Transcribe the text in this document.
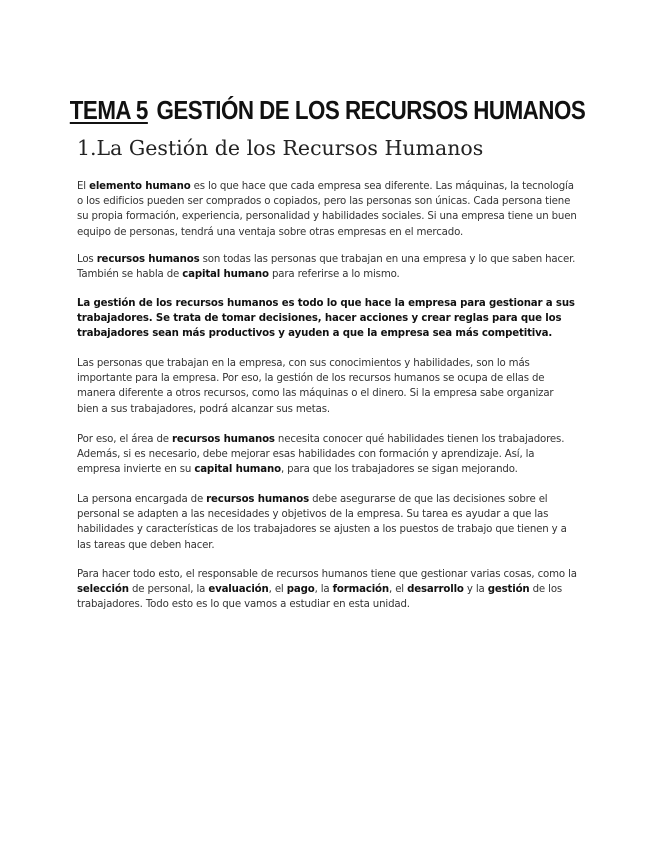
TEMA 5 GESTIÓN DE LOS RECURSOS HUMANOS
1.La Gestión de los Recursos Humanos

El elemento humano es lo que hace que cada empresa sea diferente. Las máquinas, la tecnología o los edificios pueden ser comprados o copiados, pero las personas son únicas. Cada persona tiene su propia formación, experiencia, personalidad y habilidades sociales. Si una empresa tiene un buen equipo de personas, tendrá una ventaja sobre otras empresas en el mercado.

Los recursos humanos son todas las personas que trabajan en una empresa y lo que saben hacer. También se habla de capital humano para referirse a lo mismo.

La gestión de los recursos humanos es todo lo que hace la empresa para gestionar a sus trabajadores. Se trata de tomar decisiones, hacer acciones y crear reglas para que los trabajadores sean más productivos y ayuden a que la empresa sea más competitiva.

Las personas que trabajan en la empresa, con sus conocimientos y habilidades, son lo más importante para la empresa. Por eso, la gestión de los recursos humanos se ocupa de ellas de manera diferente a otros recursos, como las máquinas o el dinero. Si la empresa sabe organizar bien a sus trabajadores, podrá alcanzar sus metas.

Por eso, el área de recursos humanos necesita conocer qué habilidades tienen los trabajadores. Además, si es necesario, debe mejorar esas habilidades con formación y aprendizaje. Así, la empresa invierte en su capital humano, para que los trabajadores se sigan mejorando.

La persona encargada de recursos humanos debe asegurarse de que las decisiones sobre el personal se adapten a las necesidades y objetivos de la empresa. Su tarea es ayudar a que las habilidades y características de los trabajadores se ajusten a los puestos de trabajo que tienen y a las tareas que deben hacer.

Para hacer todo esto, el responsable de recursos humanos tiene que gestionar varias cosas, como la selección de personal, la evaluación, el pago, la formación, el desarrollo y la gestión de los trabajadores. Todo esto es lo que vamos a estudiar en esta unidad.
